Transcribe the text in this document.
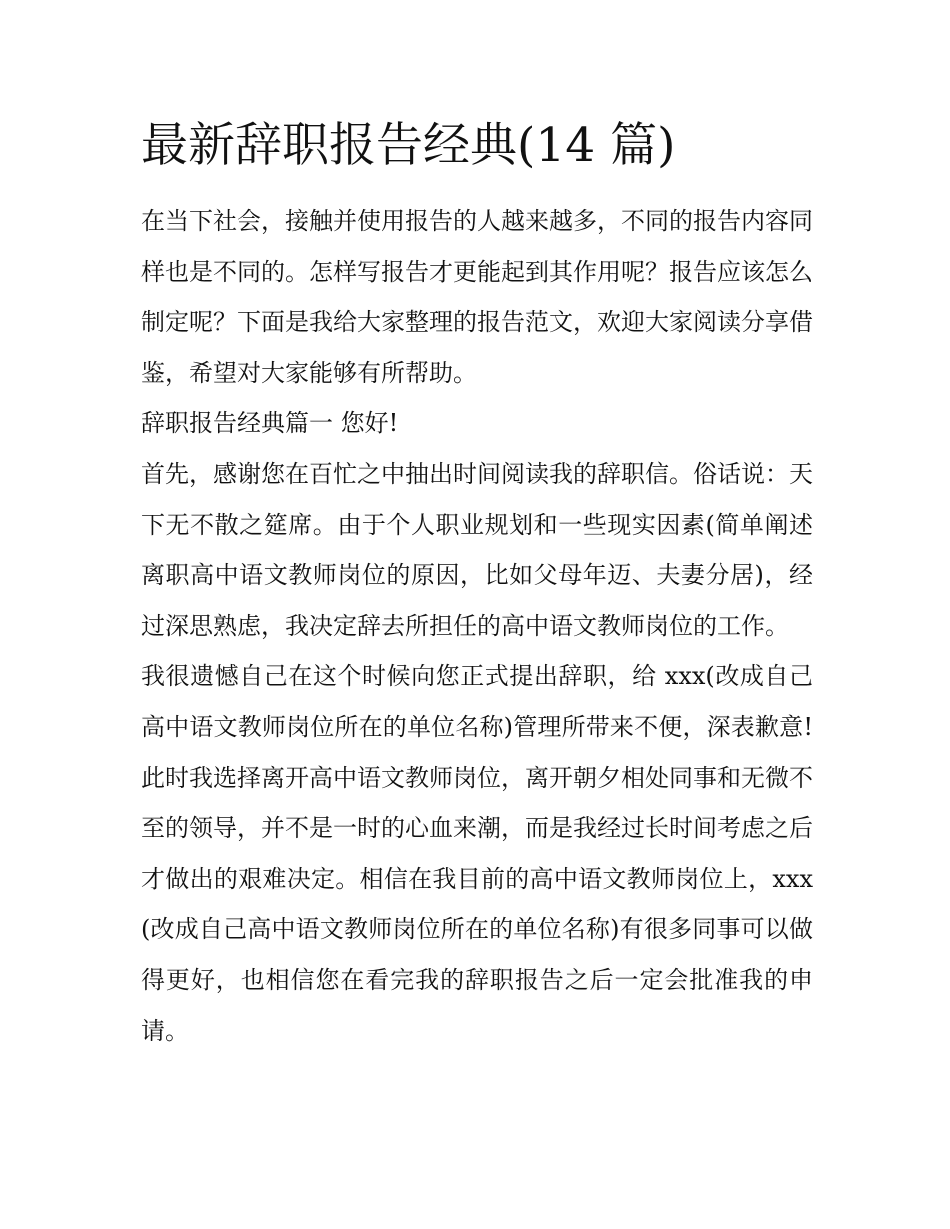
最新辞职报告经典(14 篇)

在当下社会，接触并使用报告的人越来越多，不同的报告内容同样也是不同的。怎样写报告才更能起到其作用呢？报告应该怎么制定呢？下面是我给大家整理的报告范文，欢迎大家阅读分享借鉴，希望对大家能够有所帮助。

辞职报告经典篇一 您好!

首先，感谢您在百忙之中抽出时间阅读我的辞职信。俗话说：天下无不散之筵席。由于个人职业规划和一些现实因素(简单阐述离职高中语文教师岗位的原因，比如父母年迈、夫妻分居)，经过深思熟虑，我决定辞去所担任的高中语文教师岗位的工作。

我很遗憾自己在这个时候向您正式提出辞职，给 xxx(改成自己高中语文教师岗位所在的单位名称)管理所带来不便，深表歉意!此时我选择离开高中语文教师岗位，离开朝夕相处同事和无微不至的领导，并不是一时的心血来潮，而是我经过长时间考虑之后才做出的艰难决定。相信在我目前的高中语文教师岗位上，xxx(改成自己高中语文教师岗位所在的单位名称)有很多同事可以做得更好，也相信您在看完我的辞职报告之后一定会批准我的申请。
